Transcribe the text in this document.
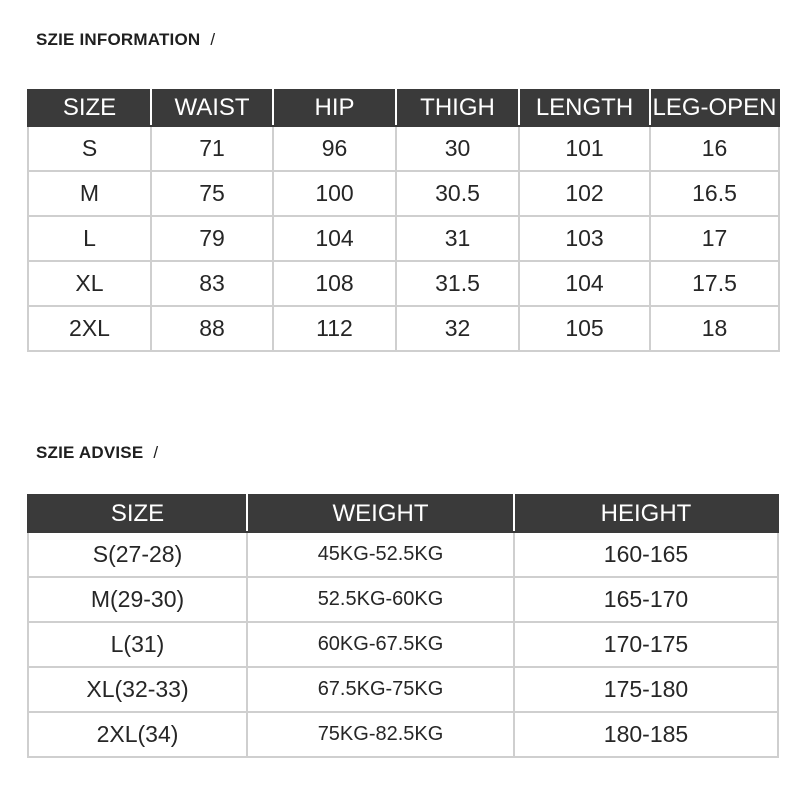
SZIE INFORMATION /
SIZE	WAIST	HIP	THIGH	LENGTH	LEG-OPEN
S	71	96	30	101	16
M	75	100	30.5	102	16.5
L	79	104	31	103	17
XL	83	108	31.5	104	17.5
2XL	88	112	32	105	18
SZIE ADVISE /
SIZE	WEIGHT	HEIGHT
S(27-28)	45KG-52.5KG	160-165
M(29-30)	52.5KG-60KG	165-170
L(31)	60KG-67.5KG	170-175
XL(32-33)	67.5KG-75KG	175-180
2XL(34)	75KG-82.5KG	180-185
